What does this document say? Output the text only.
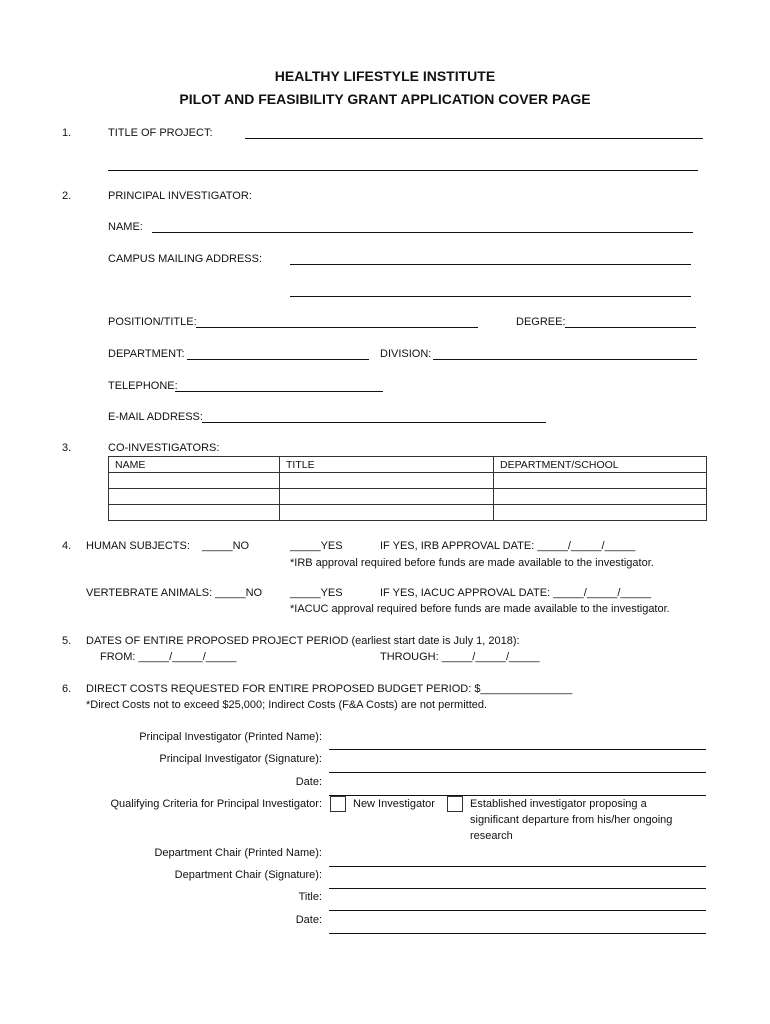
HEALTHY LIFESTYLE INSTITUTE
PILOT AND FEASIBILITY GRANT APPLICATION COVER PAGE
1.	TITLE OF PROJECT:
2.	PRINCIPAL INVESTIGATOR:
NAME:
CAMPUS MAILING ADDRESS:
POSITION/TITLE:	DEGREE:
DEPARTMENT:	DIVISION:
TELEPHONE:
E-MAIL ADDRESS:
3.	CO-INVESTIGATORS:
NAME	TITLE	DEPARTMENT/SCHOOL

4. HUMAN SUBJECTS: _____NO	_____YES	IF YES, IRB APPROVAL DATE: _____/_____/_____
*IRB approval required before funds are made available to the investigator.
VERTEBRATE ANIMALS: _____NO	_____YES	IF YES, IACUC APPROVAL DATE: _____/_____/_____
*IACUC approval required before funds are made available to the investigator.
5. DATES OF ENTIRE PROPOSED PROJECT PERIOD (earliest start date is July 1, 2018):
FROM: _____/_____/_____	THROUGH: _____/_____/_____
6. DIRECT COSTS REQUESTED FOR ENTIRE PROPOSED BUDGET PERIOD: $_______________
*Direct Costs not to exceed $25,000; Indirect Costs (F&A Costs) are not permitted.
Principal Investigator (Printed Name):
Principal Investigator (Signature):
Date:
Qualifying Criteria for Principal Investigator:	New Investigator	Established investigator proposing a
significant departure from his/her ongoing
research
Department Chair (Printed Name):
Department Chair (Signature):
Title:
Date:
